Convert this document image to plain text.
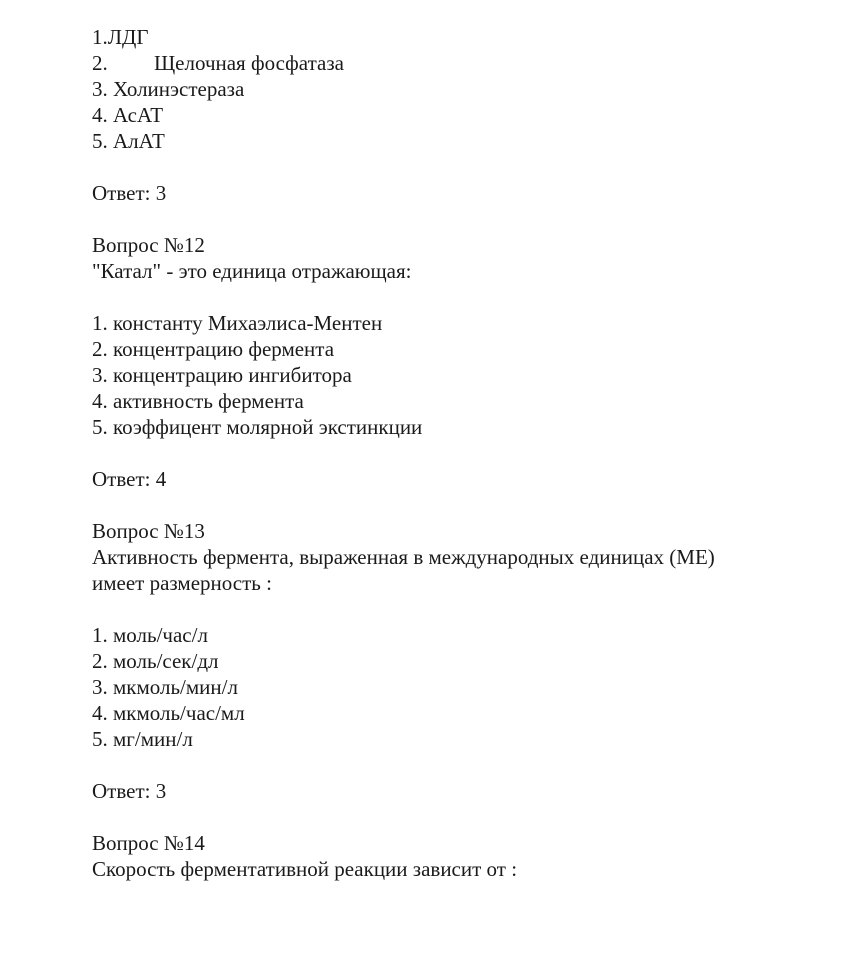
1.ЛДГ
2. Щелочная фосфатаза
3. Холинэстераза
4. АсАТ
5. АлАТ
Ответ: 3
Вопрос №12
"Катал" - это единица отражающая:
1. константу Михаэлиса-Ментен
2. концентрацию фермента
3. концентрацию ингибитора
4. активность фермента
5. коэффицент молярной экстинкции
Ответ: 4
Вопрос №13
Активность фермента, выраженная в международных единицах (МЕ)
имеет размерность :
1. моль/час/л
2. моль/сек/дл
3. мкмоль/мин/л
4. мкмоль/час/мл
5. мг/мин/л
Ответ: 3
Вопрос №14
Скорость ферментативной реакции зависит от :
